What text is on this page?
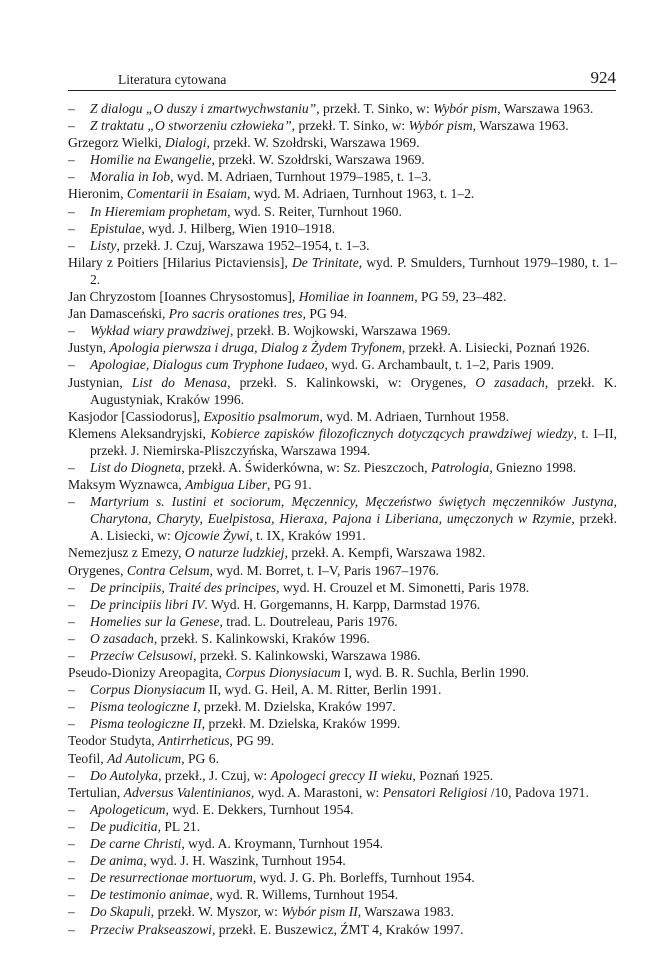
Literatura cytowana	924
– Z dialogu „O duszy i zmartwychwstaniu”, przekł. T. Sinko, w: Wybór pism, Warszawa 1963.
– Z traktatu „O stworzeniu człowieka”, przekł. T. Sinko, w: Wybór pism, Warszawa 1963.
Grzegorz Wielki, Dialogi, przekł. W. Szołdrski, Warszawa 1969.
– Homilie na Ewangelie, przekł. W. Szołdrski, Warszawa 1969.
– Moralia in Iob, wyd. M. Adriaen, Turnhout 1979–1985, t. 1–3.
Hieronim, Comentarii in Esaiam, wyd. M. Adriaen, Turnhout 1963, t. 1–2.
– In Hieremiam prophetam, wyd. S. Reiter, Turnhout 1960.
– Epistulae, wyd. J. Hilberg, Wien 1910–1918.
– Listy, przekł. J. Czuj, Warszawa 1952–1954, t. 1–3.
Hilary z Poitiers [Hilarius Pictaviensis], De Trinitate, wyd. P. Smulders, Turnhout 1979–1980, t. 1–2.
Jan Chryzostom [Ioannes Chrysostomus], Homiliae in Ioannem, PG 59, 23–482.
Jan Damasceński, Pro sacris orationes tres, PG 94.
– Wykład wiary prawdziwej, przekł. B. Wojkowski, Warszawa 1969.
Justyn, Apologia pierwsza i druga, Dialog z Żydem Tryfonem, przekł. A. Lisiecki, Poznań 1926.
– Apologiae, Dialogus cum Tryphone Iudaeo, wyd. G. Archambault, t. 1–2, Paris 1909.
Justynian, List do Menasa, przekł. S. Kalinkowski, w: Orygenes, O zasadach, przekł. K. Augustyniak, Kraków 1996.
Kasjodor [Cassiodorus], Expositio psalmorum, wyd. M. Adriaen, Turnhout 1958.
Klemens Aleksandryjski, Kobierce zapisków filozoficznych dotyczących prawdziwej wiedzy, t. I–II, przekł. J. Niemirska-Pliszczyńska, Warszawa 1994.
– List do Diogneta, przekł. A. Świderkówna, w: Sz. Pieszczoch, Patrologia, Gniezno 1998.
Maksym Wyznawca, Ambigua Liber, PG 91.
– Martyrium s. Iustini et sociorum, Męczennicy, Męczeństwo świętych męczenników Justyna, Charytona, Charyty, Euelpistosa, Hieraxa, Pajona i Liberiana, umęczonych w Rzymie, przekł. A. Lisiecki, w: Ojcowie Żywi, t. IX, Kraków 1991.
Nemezjusz z Emezy, O naturze ludzkiej, przekł. A. Kempfi, Warszawa 1982.
Orygenes, Contra Celsum, wyd. M. Borret, t. I–V, Paris 1967–1976.
– De principiis, Traité des principes, wyd. H. Crouzel et M. Simonetti, Paris 1978.
– De principiis libri IV. Wyd. H. Gorgemanns, H. Karpp, Darmstad 1976.
– Homelies sur la Genese, trad. L. Doutreleau, Paris 1976.
– O zasadach, przekł. S. Kalinkowski, Kraków 1996.
– Przeciw Celsusowi, przekł. S. Kalinkowski, Warszawa 1986.
Pseudo-Dionizy Areopagita, Corpus Dionysiacum I, wyd. B. R. Suchla, Berlin 1990.
– Corpus Dionysiacum II, wyd. G. Heil, A. M. Ritter, Berlin 1991.
– Pisma teologiczne I, przekł. M. Dzielska, Kraków 1997.
– Pisma teologiczne II, przekł. M. Dzielska, Kraków 1999.
Teodor Studyta, Antirrheticus, PG 99.
Teofil, Ad Autolicum, PG 6.
– Do Autolyka, przekł., J. Czuj, w: Apologeci greccy II wieku, Poznań 1925.
Tertulian, Adversus Valentinianos, wyd. A. Marastoni, w: Pensatori Religiosi /10, Padova 1971.
– Apologeticum, wyd. E. Dekkers, Turnhout 1954.
– De pudicitia, PL 21.
– De carne Christi, wyd. A. Kroymann, Turnhout 1954.
– De anima, wyd. J. H. Waszink, Turnhout 1954.
– De resurrectionae mortuorum, wyd. J. G. Ph. Borleffs, Turnhout 1954.
– De testimonio animae, wyd. R. Willems, Turnhout 1954.
– Do Skapuli, przekł. W. Myszor, w: Wybór pism II, Warszawa 1983.
– Przeciw Prakseaszowi, przekł. E. Buszewicz, ŹMT 4, Kraków 1997.
